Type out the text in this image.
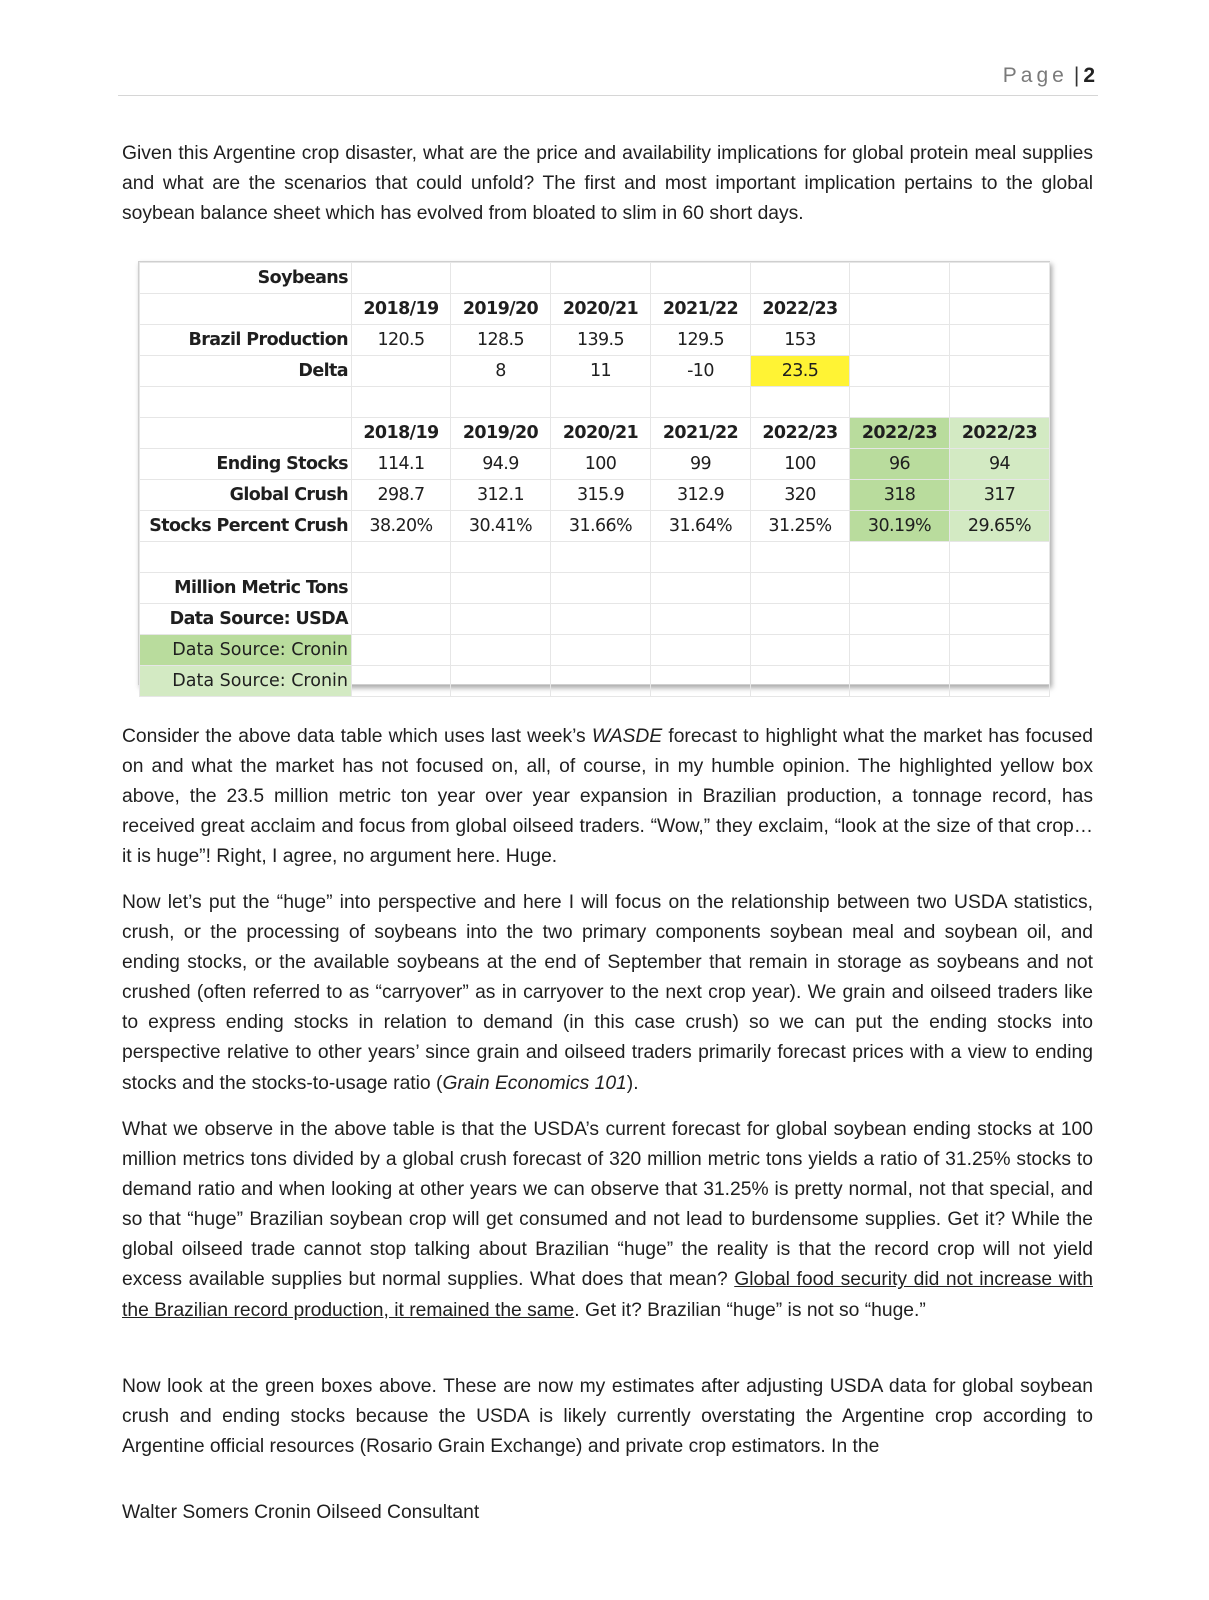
Page | 2

Given this Argentine crop disaster, what are the price and availability implications for global protein meal supplies and what are the scenarios that could unfold? The first and most important implication pertains to the global soybean balance sheet which has evolved from bloated to slim in 60 short days.

Soybeans							
	2018/19	2019/20	2020/21	2021/22	2022/23		
Brazil Production	120.5	128.5	139.5	129.5	153		
Delta		8	11	-10	23.5		

	2018/19	2019/20	2020/21	2021/22	2022/23	2022/23	2022/23
Ending Stocks	114.1	94.9	100	99	100	96	94
Global Crush	298.7	312.1	315.9	312.9	320	318	317
Stocks Percent Crush	38.20%	30.41%	31.66%	31.64%	31.25%	30.19%	29.65%

Million Metric Tons							
Data Source: USDA							
Data Source: Cronin							
Data Source: Cronin							

Consider the above data table which uses last week’s WASDE forecast to highlight what the market has focused on and what the market has not focused on, all, of course, in my humble opinion. The highlighted yellow box above, the 23.5 million metric ton year over year expansion in Brazilian production, a tonnage record, has received great acclaim and focus from global oilseed traders. “Wow,” they exclaim, “look at the size of that crop…it is huge”! Right, I agree, no argument here. Huge.

Now let’s put the “huge” into perspective and here I will focus on the relationship between two USDA statistics, crush, or the processing of soybeans into the two primary components soybean meal and soybean oil, and ending stocks, or the available soybeans at the end of September that remain in storage as soybeans and not crushed (often referred to as “carryover” as in carryover to the next crop year). We grain and oilseed traders like to express ending stocks in relation to demand (in this case crush) so we can put the ending stocks into perspective relative to other years’ since grain and oilseed traders primarily forecast prices with a view to ending stocks and the stocks-to-usage ratio (Grain Economics 101).

What we observe in the above table is that the USDA’s current forecast for global soybean ending stocks at 100 million metrics tons divided by a global crush forecast of 320 million metric tons yields a ratio of 31.25% stocks to demand ratio and when looking at other years we can observe that 31.25% is pretty normal, not that special, and so that “huge” Brazilian soybean crop will get consumed and not lead to burdensome supplies. Get it? While the global oilseed trade cannot stop talking about Brazilian “huge” the reality is that the record crop will not yield excess available supplies but normal supplies. What does that mean? Global food security did not increase with the Brazilian record production, it remained the same. Get it? Brazilian “huge” is not so “huge.”

Now look at the green boxes above. These are now my estimates after adjusting USDA data for global soybean crush and ending stocks because the USDA is likely currently overstating the Argentine crop according to Argentine official resources (Rosario Grain Exchange) and private crop estimators. In the

Walter Somers Cronin Oilseed Consultant
